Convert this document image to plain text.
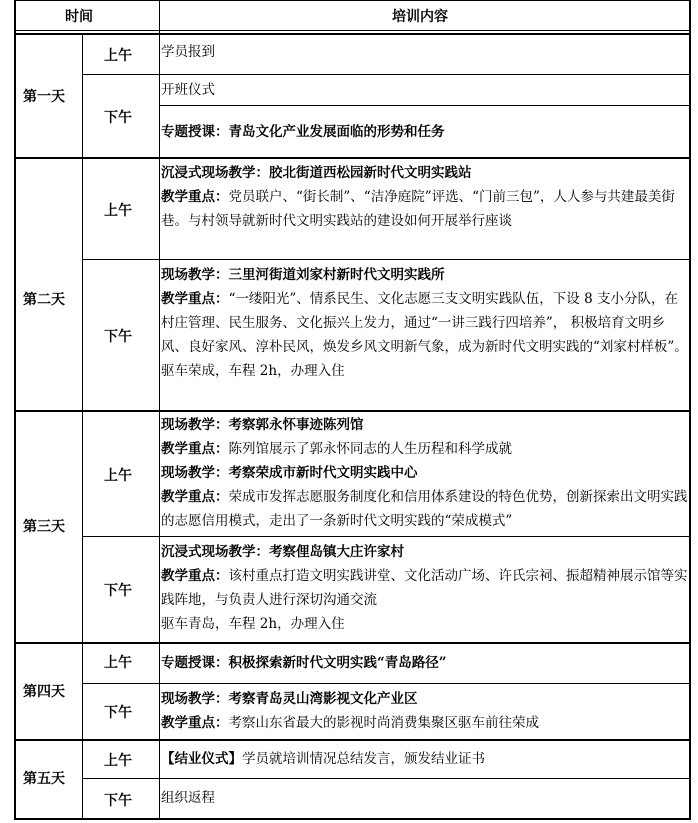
时间	培训内容
第一天
第二天
第三天
第四天
第五天
上午
下午
上午
下午
上午
下午
上午
下午
上午
下午

学员报到

开班仪式

专题授课：青岛文化产业发展面临的形势和任务

沉浸式现场教学：胶北街道西松园新时代文明实践站

教学重点：党员联户、“街长制”、“洁净庭院”评选、“门前三包”，人人参与共建最美街巷。与村领导就新时代文明实践站的建设如何开展举行座谈

现场教学：三里河街道刘家村新时代文明实践所

教学重点：“一缕阳光”、情系民生、文化志愿三支文明实践队伍，下设 8 支小分队，在村庄管理、民生服务、文化振兴上发力，通过“一讲三践行四培养”， 积极培育文明乡风、良好家风、淳朴民风，焕发乡风文明新气象，成为新时代文明实践的“刘家村样板”。

驱车荣成，车程 2h，办理入住

现场教学：考察郭永怀事迹陈列馆

教学重点：陈列馆展示了郭永怀同志的人生历程和科学成就

现场教学：考察荣成市新时代文明实践中心

教学重点：荣成市发挥志愿服务制度化和信用体系建设的特色优势，创新探索出文明实践的志愿信用模式，走出了一条新时代文明实践的“荣成模式”

沉浸式现场教学：考察俚岛镇大庄许家村

教学重点：该村重点打造文明实践讲堂、文化活动广场、许氏宗祠、振超精神展示馆等实践阵地，与负责人进行深切沟通交流

驱车青岛，车程 2h，办理入住

专题授课：积极探索新时代文明实践“青岛路径”

现场教学：考察青岛灵山湾影视文化产业区

教学重点：考察山东省最大的影视时尚消费集聚区驱车前往荣成

【结业仪式】学员就培训情况总结发言，颁发结业证书

组织返程
